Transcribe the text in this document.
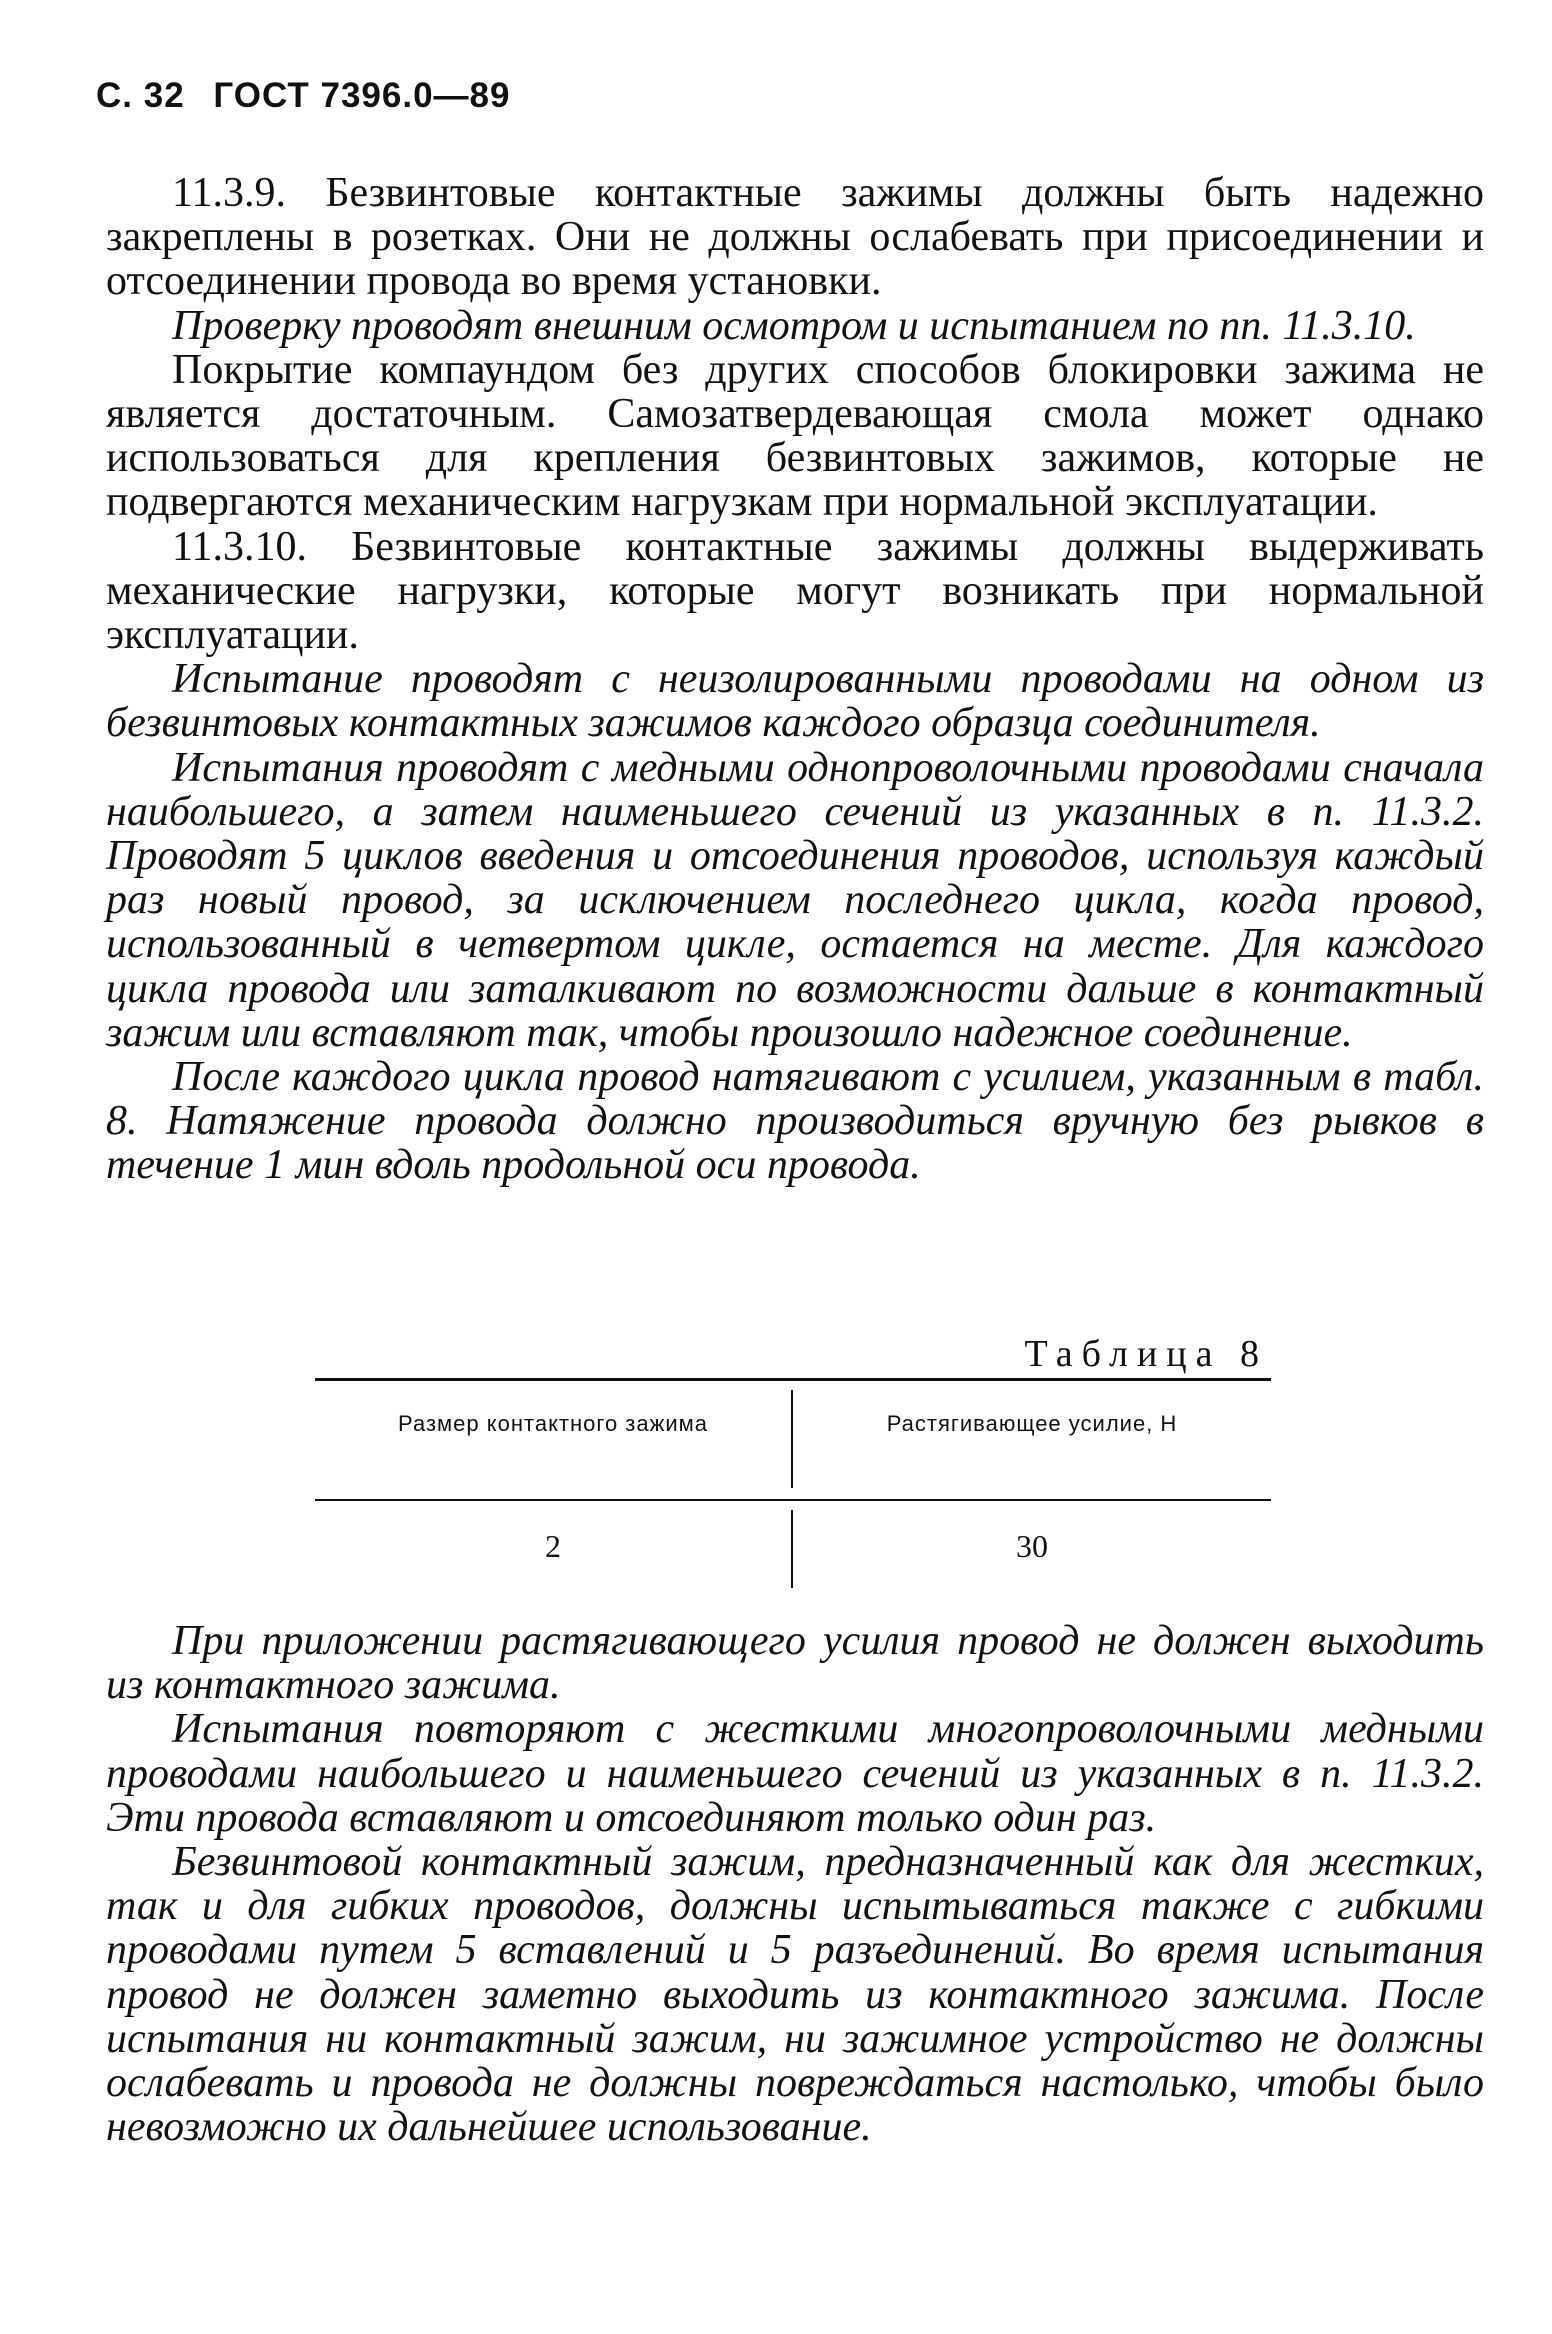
С. 32 ГОСТ 7396.0—89

11.3.9. Безвинтовые контактные зажимы должны быть надежно закреплены в розетках. Они не должны ослабевать при присоединении и отсоединении провода во время установки.

Проверку проводят внешним осмотром и испытанием по пп. 11.3.10.

Покрытие компаундом без других способов блокировки зажима не является достаточным. Самозатвердевающая смола может однако использоваться для крепления безвинтовых зажимов, которые не подвергаются механическим нагрузкам при нормальной эксплуатации.

11.3.10. Безвинтовые контактные зажимы должны выдерживать механические нагрузки, которые могут возникать при нормальной эксплуатации.

Испытание проводят с неизолированными проводами на одном из безвинтовых контактных зажимов каждого образца соединителя.

Испытания проводят с медными однопроволочными проводами сначала наибольшего, а затем наименьшего сечений из указанных в п. 11.3.2. Проводят 5 циклов введения и отсоединения проводов, используя каждый раз новый провод, за исключением последнего цикла, когда провод, использованный в четвертом цикле, остается на месте. Для каждого цикла провода или заталкивают по возможности дальше в контактный зажим или вставляют так, чтобы произошло надежное соединение.

После каждого цикла провод натягивают с усилием, указанным в табл. 8. Натяжение провода должно производиться вручную без рывков в течение 1 мин вдоль продольной оси провода.

Таблица 8
Размер контактного зажима	Растягивающее усилие, Н
2	30

При приложении растягивающего усилия провод не должен выходить из контактного зажима.

Испытания повторяют с жесткими многопроволочными медными проводами наибольшего и наименьшего сечений из указанных в п. 11.3.2. Эти провода вставляют и отсоединяют только один раз.

Безвинтовой контактный зажим, предназначенный как для жестких, так и для гибких проводов, должны испытываться также с гибкими проводами путем 5 вставлений и 5 разъединений. Во время испытания провод не должен заметно выходить из контактного зажима. После испытания ни контактный зажим, ни зажимное устройство не должны ослабевать и провода не должны повреждаться настолько, чтобы было невозможно их дальнейшее использование.
